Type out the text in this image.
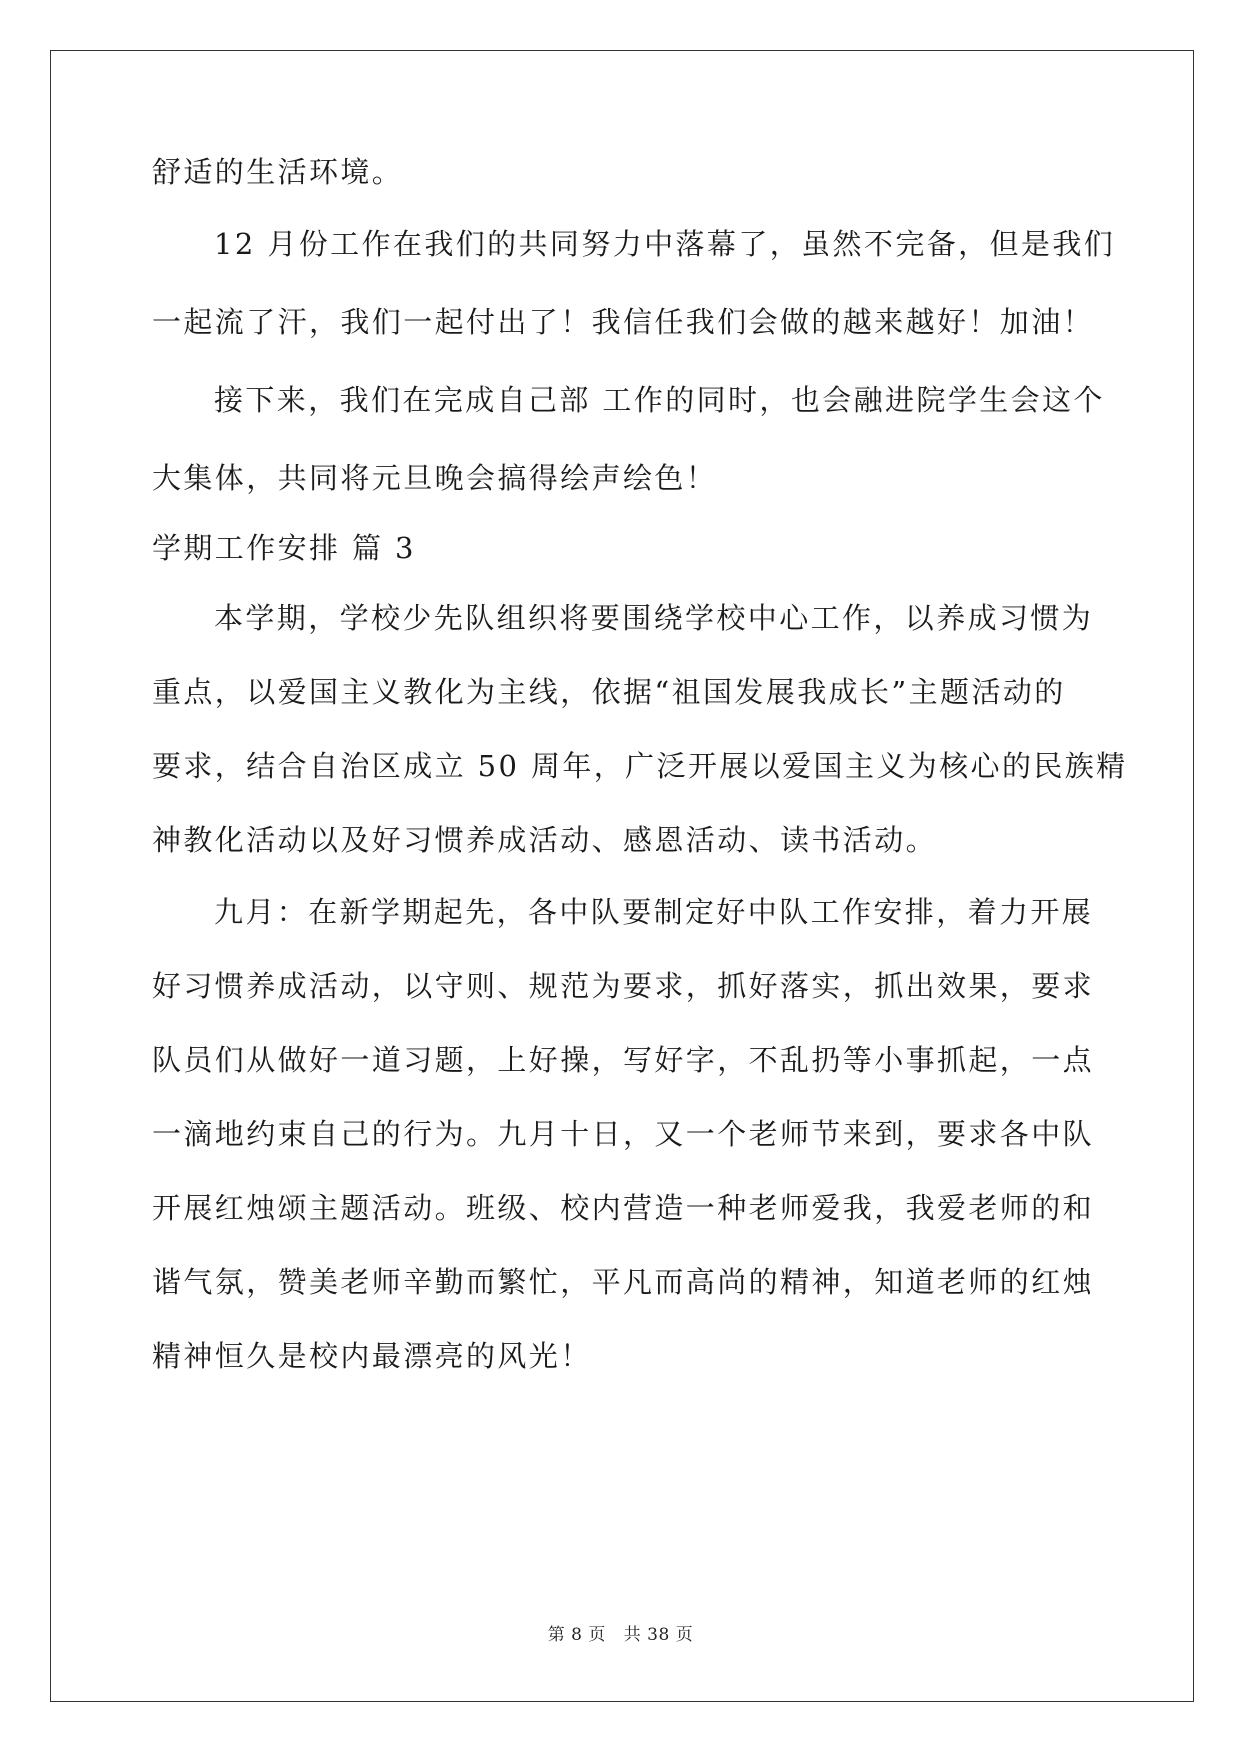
舒适的生活环境。
12 月份工作在我们的共同努力中落幕了，虽然不完备，但是我们
一起流了汗，我们一起付出了！我信任我们会做的越来越好！加油！
接下来，我们在完成自己部 工作的同时，也会融进院学生会这个
大集体，共同将元旦晚会搞得绘声绘色！
学期工作安排 篇 3
本学期，学校少先队组织将要围绕学校中心工作，以养成习惯为
重点，以爱国主义教化为主线，依据“祖国发展我成长”主题活动的
要求，结合自治区成立 50 周年，广泛开展以爱国主义为核心的民族精
神教化活动以及好习惯养成活动、感恩活动、读书活动。
九月：在新学期起先，各中队要制定好中队工作安排，着力开展
好习惯养成活动，以守则、规范为要求，抓好落实，抓出效果，要求
队员们从做好一道习题，上好操，写好字，不乱扔等小事抓起，一点
一滴地约束自己的行为。九月十日，又一个老师节来到，要求各中队
开展红烛颂主题活动。班级、校内营造一种老师爱我，我爱老师的和
谐气氛，赞美老师辛勤而繁忙，平凡而高尚的精神，知道老师的红烛
精神恒久是校内最漂亮的风光！
第 8 页 共 38 页
